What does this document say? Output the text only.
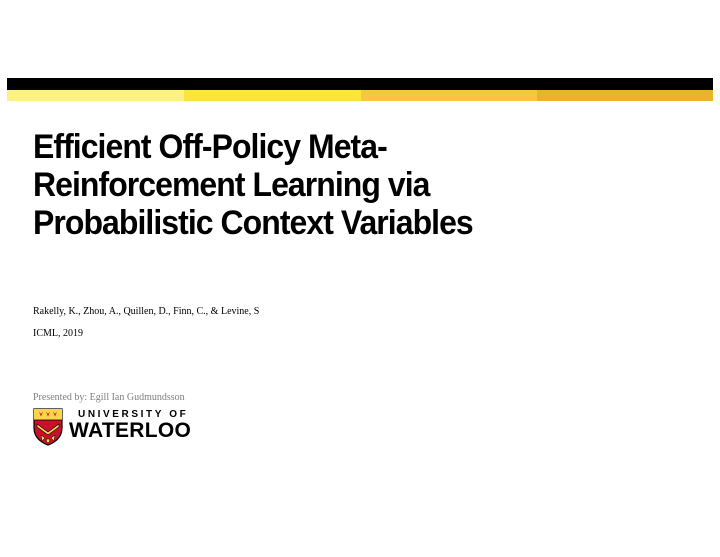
Efficient Off-Policy Meta-Reinforcement Learning via Probabilistic Context Variables
Rakelly, K., Zhou, A., Quillen, D., Finn, C., & Levine, S
ICML, 2019
Presented by: Egill Ian Gudmundsson
UNIVERSITY OF
WATERLOO
